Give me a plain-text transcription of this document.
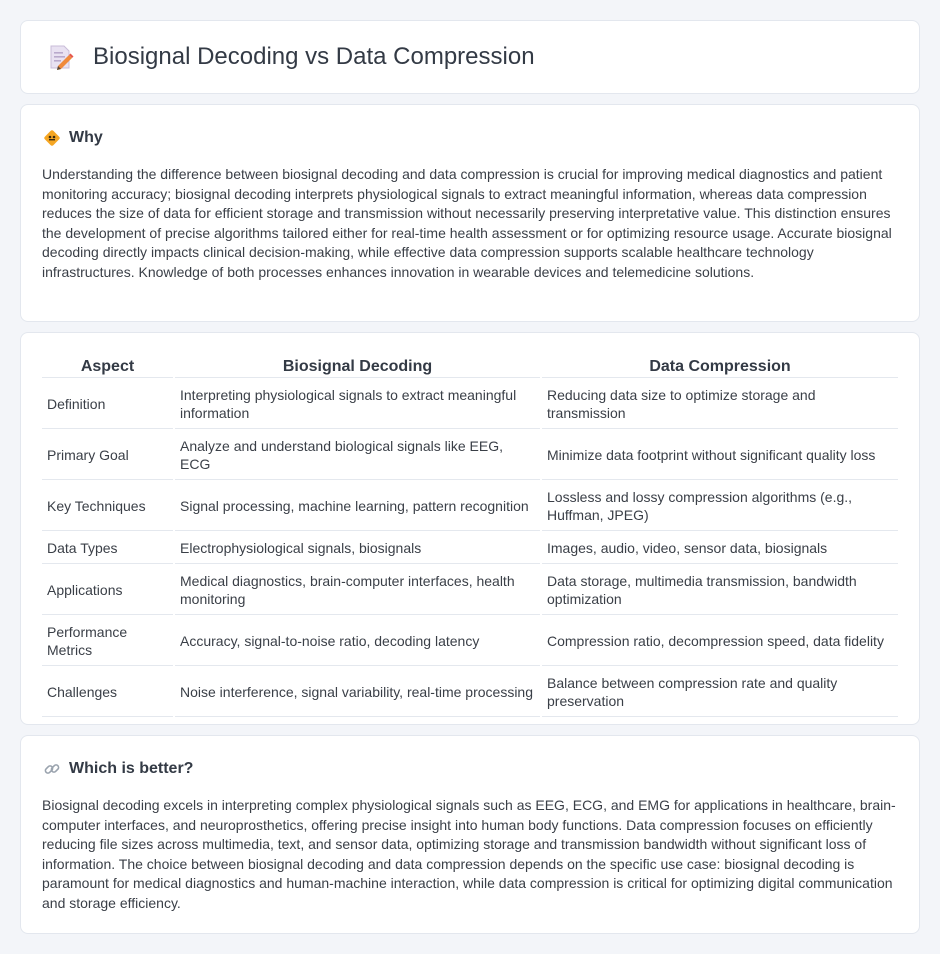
Biosignal Decoding vs Data Compression
Why

Understanding the difference between biosignal decoding and data compression is crucial for improving medical diagnostics and patient monitoring accuracy; biosignal decoding interprets physiological signals to extract meaningful information, whereas data compression reduces the size of data for efficient storage and transmission without necessarily preserving interpretative value. This distinction ensures the development of precise algorithms tailored either for real-time health assessment or for optimizing resource usage. Accurate biosignal decoding directly impacts clinical decision-making, while effective data compression supports scalable healthcare technology infrastructures. Knowledge of both processes enhances innovation in wearable devices and telemedicine solutions.

Aspect	Biosignal Decoding	Data Compression
Definition	Interpreting physiological signals to extract meaningful information	Reducing data size to optimize storage and transmission
Primary Goal	Analyze and understand biological signals like EEG, ECG	Minimize data footprint without significant quality loss
Key Techniques	Signal processing, machine learning, pattern recognition	Lossless and lossy compression algorithms (e.g., Huffman, JPEG)
Data Types	Electrophysiological signals, biosignals	Images, audio, video, sensor data, biosignals
Applications	Medical diagnostics, brain-computer interfaces, health monitoring	Data storage, multimedia transmission, bandwidth optimization
Performance Metrics	Accuracy, signal-to-noise ratio, decoding latency	Compression ratio, decompression speed, data fidelity
Challenges	Noise interference, signal variability, real-time processing	Balance between compression rate and quality preservation
Which is better?

Biosignal decoding excels in interpreting complex physiological signals such as EEG, ECG, and EMG for applications in healthcare, brain-computer interfaces, and neuroprosthetics, offering precise insight into human body functions. Data compression focuses on efficiently reducing file sizes across multimedia, text, and sensor data, optimizing storage and transmission bandwidth without significant loss of information. The choice between biosignal decoding and data compression depends on the specific use case: biosignal decoding is paramount for medical diagnostics and human-machine interaction, while data compression is critical for optimizing digital communication and storage efficiency.
